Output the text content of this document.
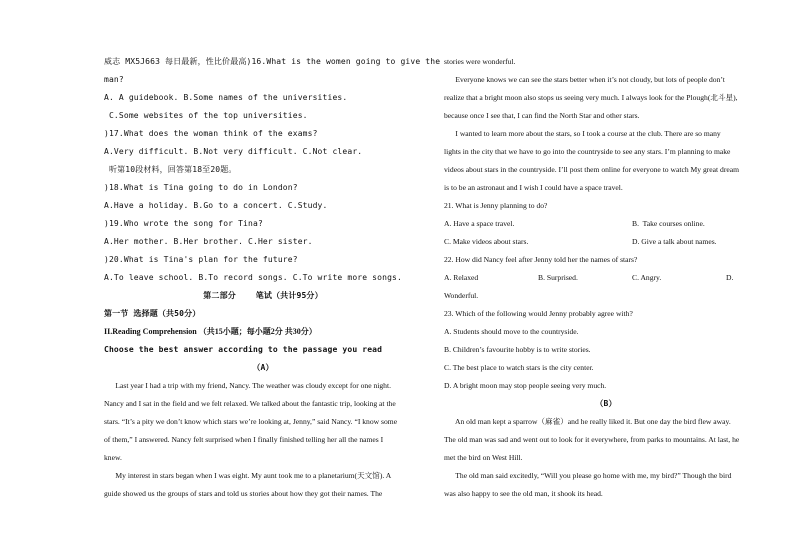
威志 MX5J663 每日最新，性比价最高)16.What is the women going to give the
man?
A. A guidebook. B.Some names of the universities.
C.Some websites of the top universities.
)17.What does the woman think of the exams?
A.Very difficult. B.Not very difficult. C.Not clear.
听第10段材料，回答第18至20题。
)18.What is Tina going to do in London?
A.Have a holiday. B.Go to a concert. C.Study.
)19.Who wrote the song for Tina?
A.Her mother. B.Her brother. C.Her sister.
)20.What is Tina's plan for the future?
A.To leave school. B.To record songs. C.To write more songs.
第二部分    笔试（共计95分）
第一节 选择题（共50分）
II.Reading Comprehension （共15小题；每小题2分 共30分）
Choose the best answer according to the passage you read
（A）
Last year I had a trip with my friend, Nancy. The weather was cloudy except for one night.
Nancy and I sat in the field and we felt relaxed. We talked about the fantastic trip, looking at the
stars. “It’s a pity we don’t know which stars we’re looking at, Jenny,” said Nancy. “I know some
of them,” I answered. Nancy felt surprised when I finally finished telling her all the names I
knew.
My interest in stars began when I was eight. My aunt took me to a planetarium(天文馆). A
guide showed us the groups of stars and told us stories about how they got their names. The
stories were wonderful.
Everyone knows we can see the stars better when it’s not cloudy, but lots of people don’t
realize that a bright moon also stops us seeing very much. I always look for the Plough(北斗星),
because once I see that, I can find the North Star and other stars.
I wanted to learn more about the stars, so I took a course at the club. There are so many
lights in the city that we have to go into the countryside to see any stars. I’m planning to make
videos about stars in the countryside. I’ll post them online for everyone to watch My great dream
is to be an astronaut and I wish I could have a space travel.
21. What is Jenny planning to do?
A. Have a space travel.	B.  Take courses online.
C. Make videos about stars.	D. Give a talk about names.
22. How did Nancy feel after Jenny told her the names of stars?
A. Relaxed	B. Surprised.	C. Angry.	D.
Wonderful.
23. Which of the following would Jenny probably agree with?
A. Students should move to the countryside.
B. Children’s favourite hobby is to write stories.
C. The best place to watch stars is the city center.
D. A bright moon may stop people seeing very much.
（B）
An old man kept a sparrow（麻雀）and he really liked it. But one day the bird flew away.
The old man was sad and went out to look for it everywhere, from parks to mountains. At last, he
met the bird on West Hill.
The old man said excitedly, “Will you please go home with me, my bird?” Though the bird
was also happy to see the old man, it shook its head.
